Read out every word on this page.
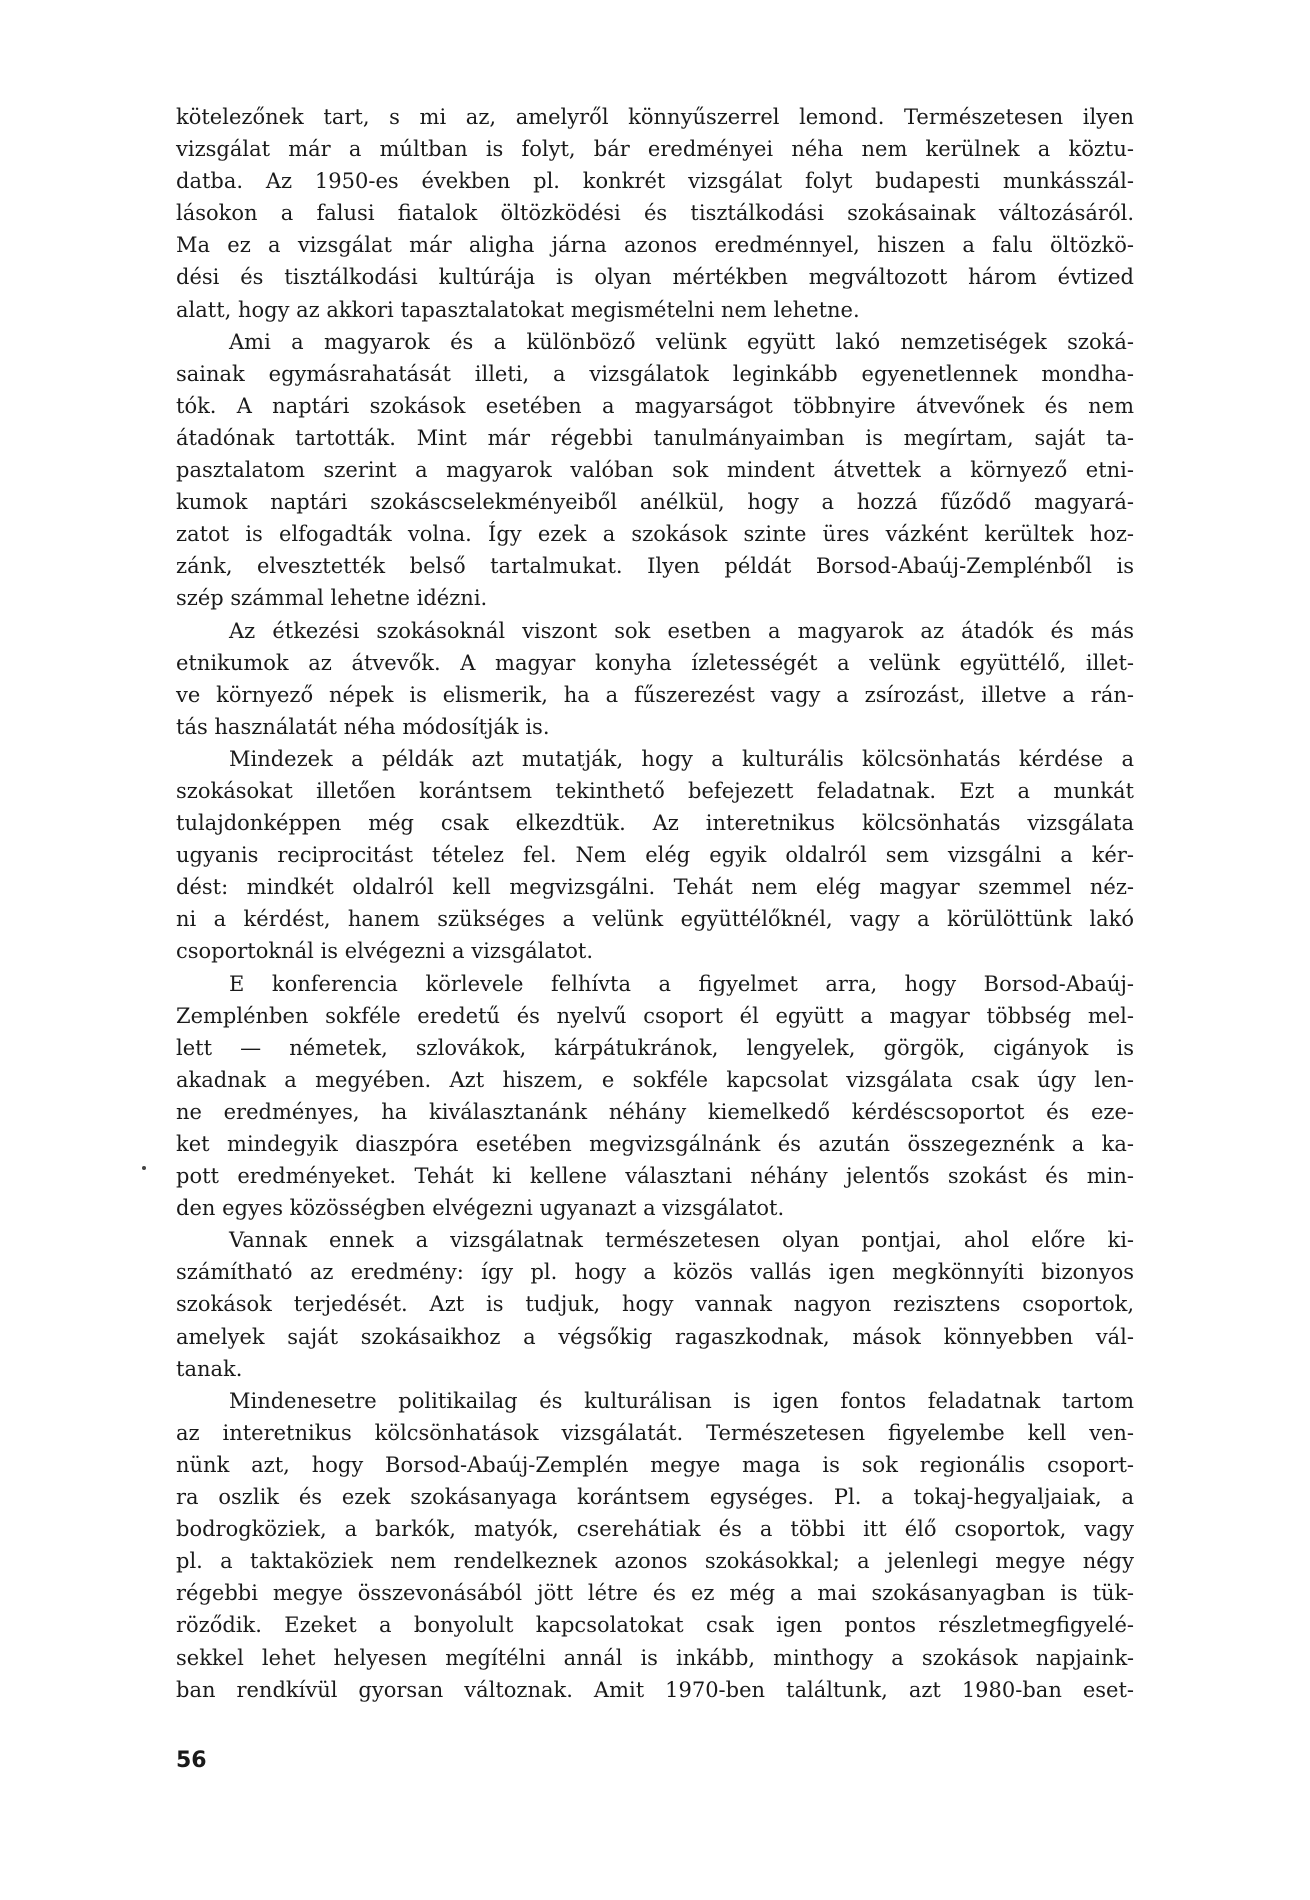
kötelezőnek tart, s mi az, amelyről könnyűszerrel lemond. Természetesen ilyen
vizsgálat már a múltban is folyt, bár eredményei néha nem kerülnek a köztu-
datba. Az 1950-es években pl. konkrét vizsgálat folyt budapesti munkásszál-
lásokon a falusi fiatalok öltözködési és tisztálkodási szokásainak változásáról.
Ma ez a vizsgálat már aligha járna azonos eredménnyel, hiszen a falu öltözkö-
dési és tisztálkodási kultúrája is olyan mértékben megváltozott három évtized
alatt, hogy az akkori tapasztalatokat megismételni nem lehetne.
Ami a magyarok és a különböző velünk együtt lakó nemzetiségek szoká-
sainak egymásrahatását illeti, a vizsgálatok leginkább egyenetlennek mondha-
tók. A naptári szokások esetében a magyarságot többnyire átvevőnek és nem
átadónak tartották. Mint már régebbi tanulmányaimban is megírtam, saját ta-
pasztalatom szerint a magyarok valóban sok mindent átvettek a környező etni-
kumok naptári szokáscselekményeiből anélkül, hogy a hozzá fűződő magyará-
zatot is elfogadták volna. Így ezek a szokások szinte üres vázként kerültek hoz-
zánk, elvesztették belső tartalmukat. Ilyen példát Borsod-Abaúj-Zemplénből is
szép számmal lehetne idézni.
Az étkezési szokásoknál viszont sok esetben a magyarok az átadók és más
etnikumok az átvevők. A magyar konyha ízletességét a velünk együttélő, illet-
ve környező népek is elismerik, ha a fűszerezést vagy a zsírozást, illetve a rán-
tás használatát néha módosítják is.
Mindezek a példák azt mutatják, hogy a kulturális kölcsönhatás kérdése a
szokásokat illetően korántsem tekinthető befejezett feladatnak. Ezt a munkát
tulajdonképpen még csak elkezdtük. Az interetnikus kölcsönhatás vizsgálata
ugyanis reciprocitást tételez fel. Nem elég egyik oldalról sem vizsgálni a kér-
dést: mindkét oldalról kell megvizsgálni. Tehát nem elég magyar szemmel néz-
ni a kérdést, hanem szükséges a velünk együttélőknél, vagy a körülöttünk lakó
csoportoknál is elvégezni a vizsgálatot.
E konferencia körlevele felhívta a figyelmet arra, hogy Borsod-Abaúj-
Zemplénben sokféle eredetű és nyelvű csoport él együtt a magyar többség mel-
lett — németek, szlovákok, kárpátukránok, lengyelek, görgök, cigányok is
akadnak a megyében. Azt hiszem, e sokféle kapcsolat vizsgálata csak úgy len-
ne eredményes, ha kiválasztanánk néhány kiemelkedő kérdéscsoportot és eze-
ket mindegyik diaszpóra esetében megvizsgálnánk és azután összegeznénk a ka-
pott eredményeket. Tehát ki kellene választani néhány jelentős szokást és min-
den egyes közösségben elvégezni ugyanazt a vizsgálatot.
Vannak ennek a vizsgálatnak természetesen olyan pontjai, ahol előre ki-
számítható az eredmény: így pl. hogy a közös vallás igen megkönnyíti bizonyos
szokások terjedését. Azt is tudjuk, hogy vannak nagyon rezisztens csoportok,
amelyek saját szokásaikhoz a végsőkig ragaszkodnak, mások könnyebben vál-
tanak.
Mindenesetre politikailag és kulturálisan is igen fontos feladatnak tartom
az interetnikus kölcsönhatások vizsgálatát. Természetesen figyelembe kell ven-
nünk azt, hogy Borsod-Abaúj-Zemplén megye maga is sok regionális csoport-
ra oszlik és ezek szokásanyaga korántsem egységes. Pl. a tokaj-hegyaljaiak, a
bodrogköziek, a barkók, matyók, cserehátiak és a többi itt élő csoportok, vagy
pl. a taktaköziek nem rendelkeznek azonos szokásokkal; a jelenlegi megye négy
régebbi megye összevonásából jött létre és ez még a mai szokásanyagban is tük-
röződik. Ezeket a bonyolult kapcsolatokat csak igen pontos részletmegfigyelé-
sekkel lehet helyesen megítélni annál is inkább, minthogy a szokások napjaink-
ban rendkívül gyorsan változnak. Amit 1970-ben találtunk, azt 1980-ban eset-
56
